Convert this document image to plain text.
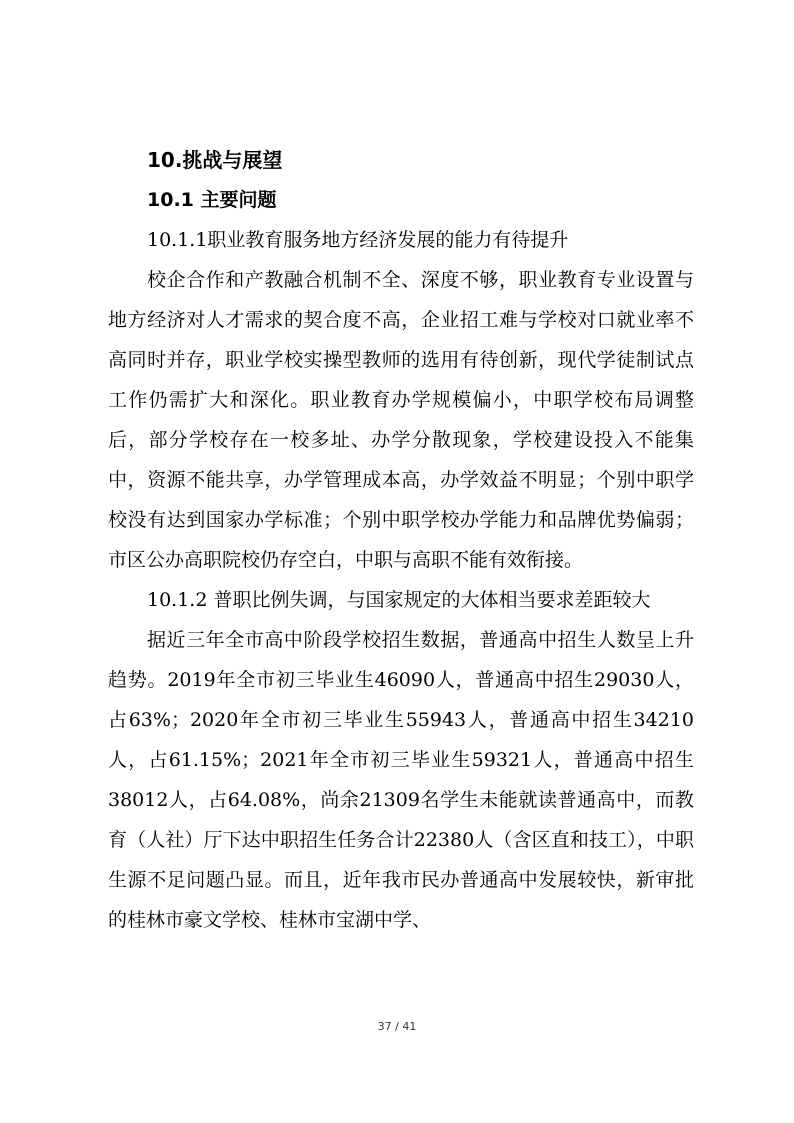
10.挑战与展望
10.1 主要问题
10.1.1职业教育服务地方经济发展的能力有待提升

校企合作和产教融合机制不全、深度不够，职业教育专业设置与地方经济对人才需求的契合度不高，企业招工难与学校对口就业率不高同时并存，职业学校实操型教师的选用有待创新，现代学徒制试点工作仍需扩大和深化。职业教育办学规模偏小，中职学校布局调整后，部分学校存在一校多址、办学分散现象，学校建设投入不能集中，资源不能共享，办学管理成本高，办学效益不明显；个别中职学校没有达到国家办学标准；个别中职学校办学能力和品牌优势偏弱；市区公办高职院校仍存空白，中职与高职不能有效衔接。

10.1.2 普职比例失调，与国家规定的大体相当要求差距较大

据近三年全市高中阶段学校招生数据，普通高中招生人数呈上升趋势。2019年全市初三毕业生46090人，普通高中招生29030人，占63%；2020年全市初三毕业生55943人，普通高中招生34210人，占61.15%；2021年全市初三毕业生59321人，普通高中招生38012人，占64.08%，尚余21309名学生未能就读普通高中，而教育（人社）厅下达中职招生任务合计22380人（含区直和技工），中职生源不足问题凸显。而且，近年我市民办普通高中发展较快，新审批的桂林市豪文学校、桂林市宝湖中学、

37 / 41
